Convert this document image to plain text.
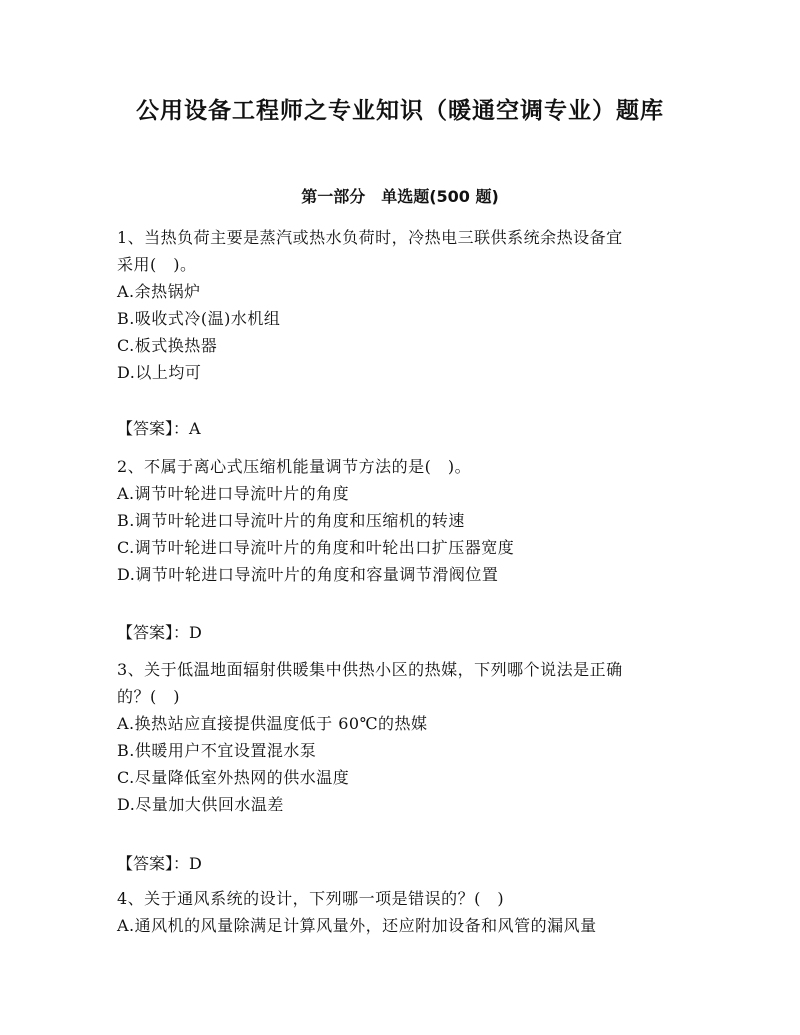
公用设备工程师之专业知识（暖通空调专业）题库
第一部分　单选题(500 题)
1、当热负荷主要是蒸汽或热水负荷时，冷热电三联供系统余热设备宜
采用(　)。
A.余热锅炉
B.吸收式冷(温)水机组
C.板式换热器
D.以上均可
【答案】：A
2、不属于离心式压缩机能量调节方法的是(　)。
A.调节叶轮进口导流叶片的角度
B.调节叶轮进口导流叶片的角度和压缩机的转速
C.调节叶轮进口导流叶片的角度和叶轮出口扩压器宽度
D.调节叶轮进口导流叶片的角度和容量调节滑阀位置
【答案】：D
3、关于低温地面辐射供暖集中供热小区的热媒，下列哪个说法是正确
的？(　)
A.换热站应直接提供温度低于 60℃的热媒
B.供暖用户不宜设置混水泵
C.尽量降低室外热网的供水温度
D.尽量加大供回水温差
【答案】：D
4、关于通风系统的设计，下列哪一项是错误的？(　)
A.通风机的风量除满足计算风量外，还应附加设备和风管的漏风量
